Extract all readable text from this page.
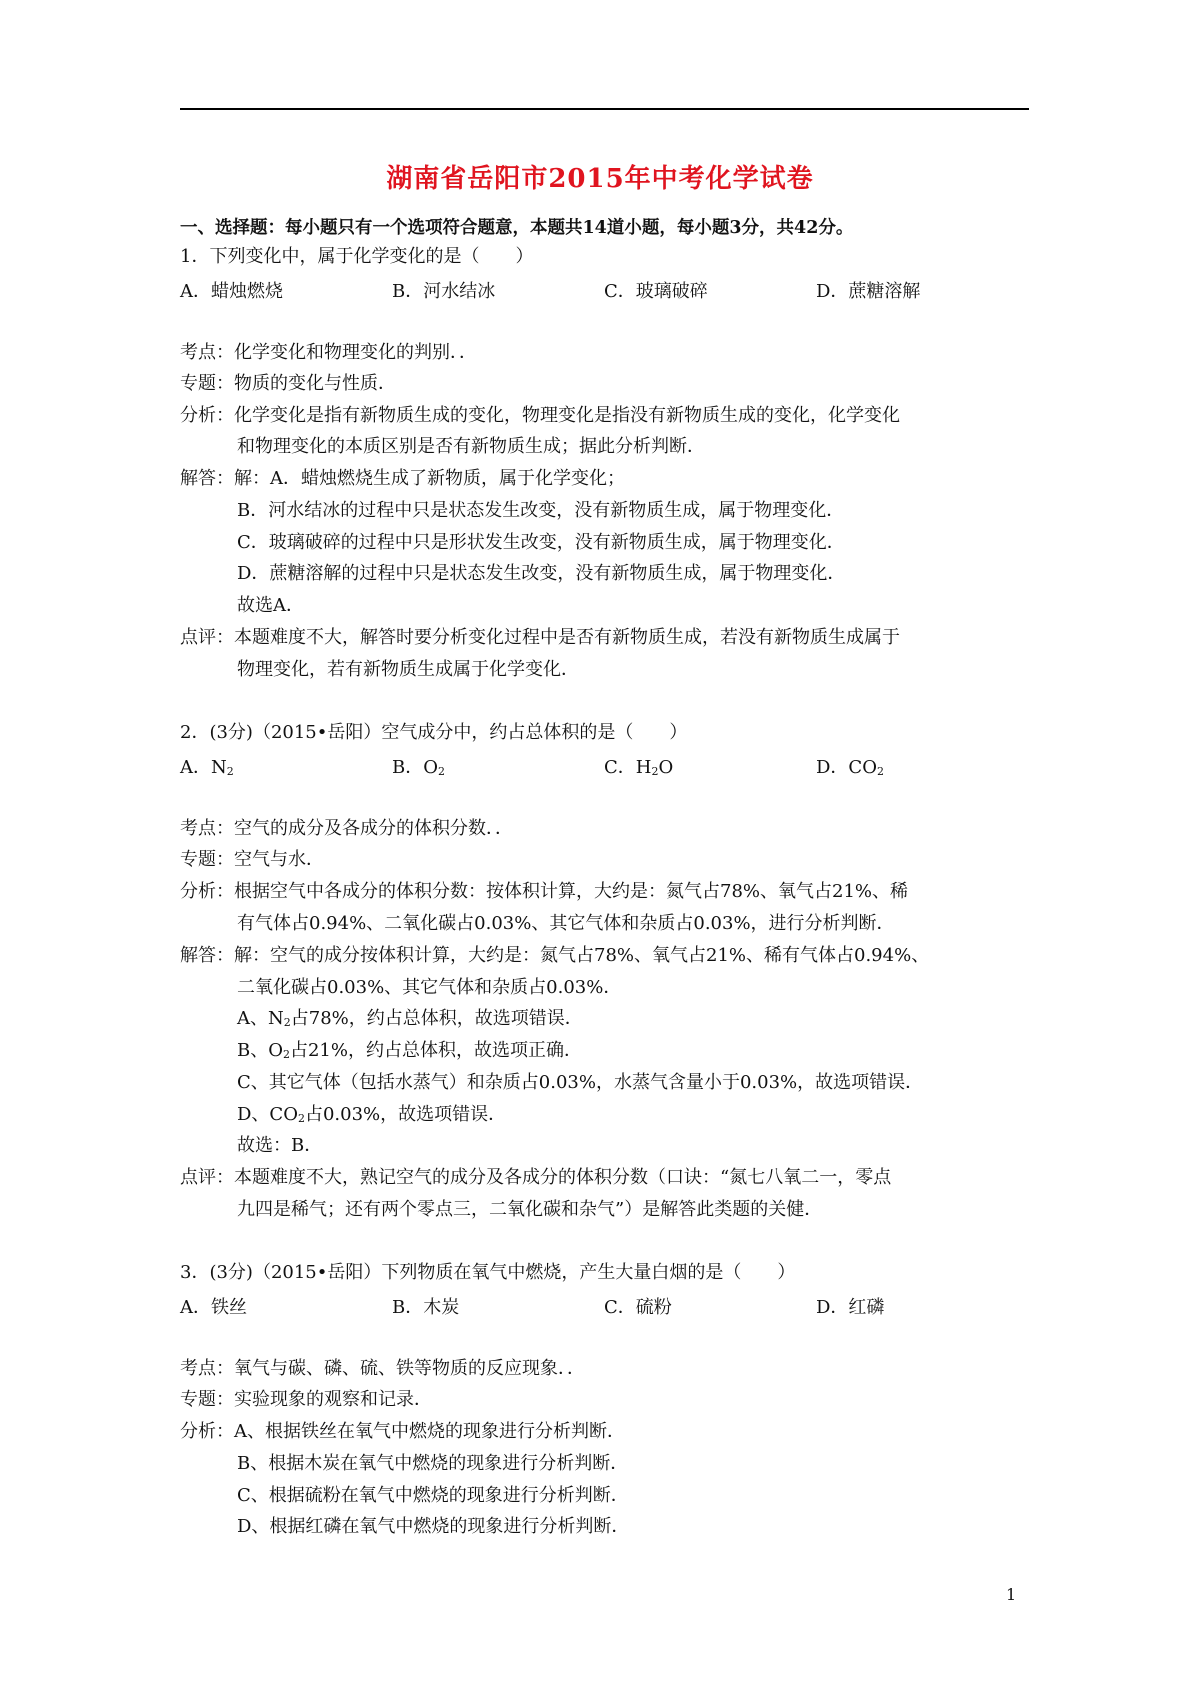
湖南省岳阳市2015年中考化学试卷
一、选择题：每小题只有一个选项符合题意，本题共14道小题，每小题3分，共42分。
1．下列变化中，属于化学变化的是（　　）
A．蜡烛燃烧	B．河水结冰	C．玻璃破碎	D．蔗糖溶解
考点：化学变化和物理变化的判别．．
专题：物质的变化与性质．
分析：化学变化是指有新物质生成的变化，物理变化是指没有新物质生成的变化，化学变化
和物理变化的本质区别是否有新物质生成；据此分析判断．
解答：解：A．蜡烛燃烧生成了新物质，属于化学变化；
B．河水结冰的过程中只是状态发生改变，没有新物质生成，属于物理变化．
C．玻璃破碎的过程中只是形状发生改变，没有新物质生成，属于物理变化．
D．蔗糖溶解的过程中只是状态发生改变，没有新物质生成，属于物理变化．
故选A．
点评：本题难度不大，解答时要分析变化过程中是否有新物质生成，若没有新物质生成属于
物理变化，若有新物质生成属于化学变化．
2．(3分)（2015•岳阳）空气成分中，约占总体积的是（　　）
A．$N_2$	B．$O_2$	C．$H_2O$	D．$CO_2$
考点：空气的成分及各成分的体积分数．．
专题：空气与水．
分析：根据空气中各成分的体积分数：按体积计算，大约是：氮气占78%、氧气占21%、稀
有气体占0.94%、二氧化碳占0.03%、其它气体和杂质占0.03%，进行分析判断．
解答：解：空气的成分按体积计算，大约是：氮气占78%、氧气占21%、稀有气体占0.94%、
二氧化碳占0.03%、其它气体和杂质占0.03%．
A、$N_2$占78%，约占总体积，故选项错误．
B、$O_2$占21%，约占总体积，故选项正确．
C、其它气体（包括水蒸气）和杂质占0.03%，水蒸气含量小于0.03%，故选项错误．
D、$CO_2$占0.03%，故选项错误．
故选：B．
点评：本题难度不大，熟记空气的成分及各成分的体积分数（口诀：“氮七八氧二一，零点
九四是稀气；还有两个零点三，二氧化碳和杂气”）是解答此类题的关健．
3．(3分)（2015•岳阳）下列物质在氧气中燃烧，产生大量白烟的是（　　）
A．铁丝	B．木炭	C．硫粉	D．红磷
考点：氧气与碳、磷、硫、铁等物质的反应现象．．
专题：实验现象的观察和记录．
分析：A、根据铁丝在氧气中燃烧的现象进行分析判断．
B、根据木炭在氧气中燃烧的现象进行分析判断．
C、根据硫粉在氧气中燃烧的现象进行分析判断．
D、根据红磷在氧气中燃烧的现象进行分析判断．
1
